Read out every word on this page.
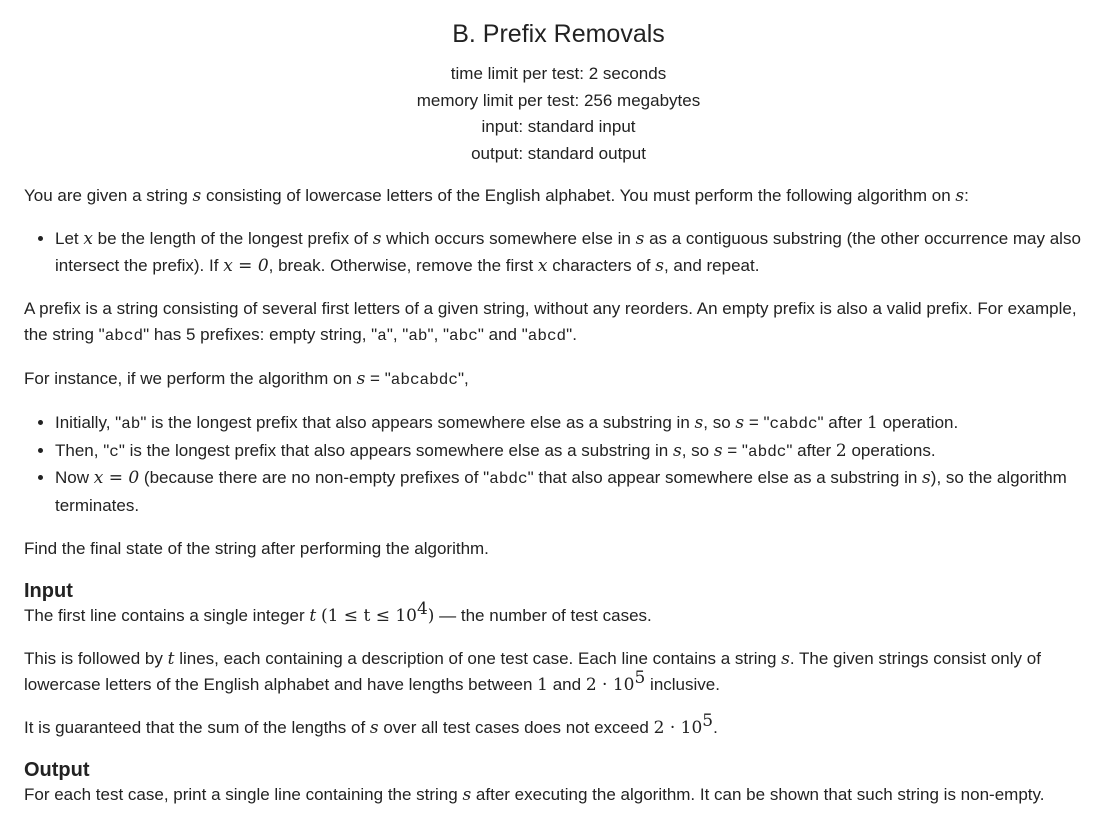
B. Prefix Removals
time limit per test: 2 seconds
memory limit per test: 256 megabytes
input: standard input
output: standard output

You are given a string s consisting of lowercase letters of the English alphabet. You must perform the following algorithm on s:

• Let x be the length of the longest prefix of s which occurs somewhere else in s as a contiguous substring (the other occurrence may also intersect the prefix). If x = 0, break. Otherwise, remove the first x characters of s, and repeat.

A prefix is a string consisting of several first letters of a given string, without any reorders. An empty prefix is also a valid prefix. For example, the string "abcd" has 5 prefixes: empty string, "a", "ab", "abc" and "abcd".

For instance, if we perform the algorithm on s = "abcabdc",

• Initially, "ab" is the longest prefix that also appears somewhere else as a substring in s, so s = "cabdc" after 1 operation.
• Then, "c" is the longest prefix that also appears somewhere else as a substring in s, so s = "abdc" after 2 operations.
• Now x = 0 (because there are no non-empty prefixes of "abdc" that also appear somewhere else as a substring in s), so the algorithm terminates.

Find the final state of the string after performing the algorithm.

Input

The first line contains a single integer t $(1 \le t \le 10^4)$ — the number of test cases.

This is followed by t lines, each containing a description of one test case. Each line contains a string s. The given strings consist only of lowercase letters of the English alphabet and have lengths between 1 and $2 \cdot 10^5$ inclusive.

It is guaranteed that the sum of the lengths of s over all test cases does not exceed $2 \cdot 10^5$.

Output

For each test case, print a single line containing the string s after executing the algorithm. It can be shown that such string is non-empty.
